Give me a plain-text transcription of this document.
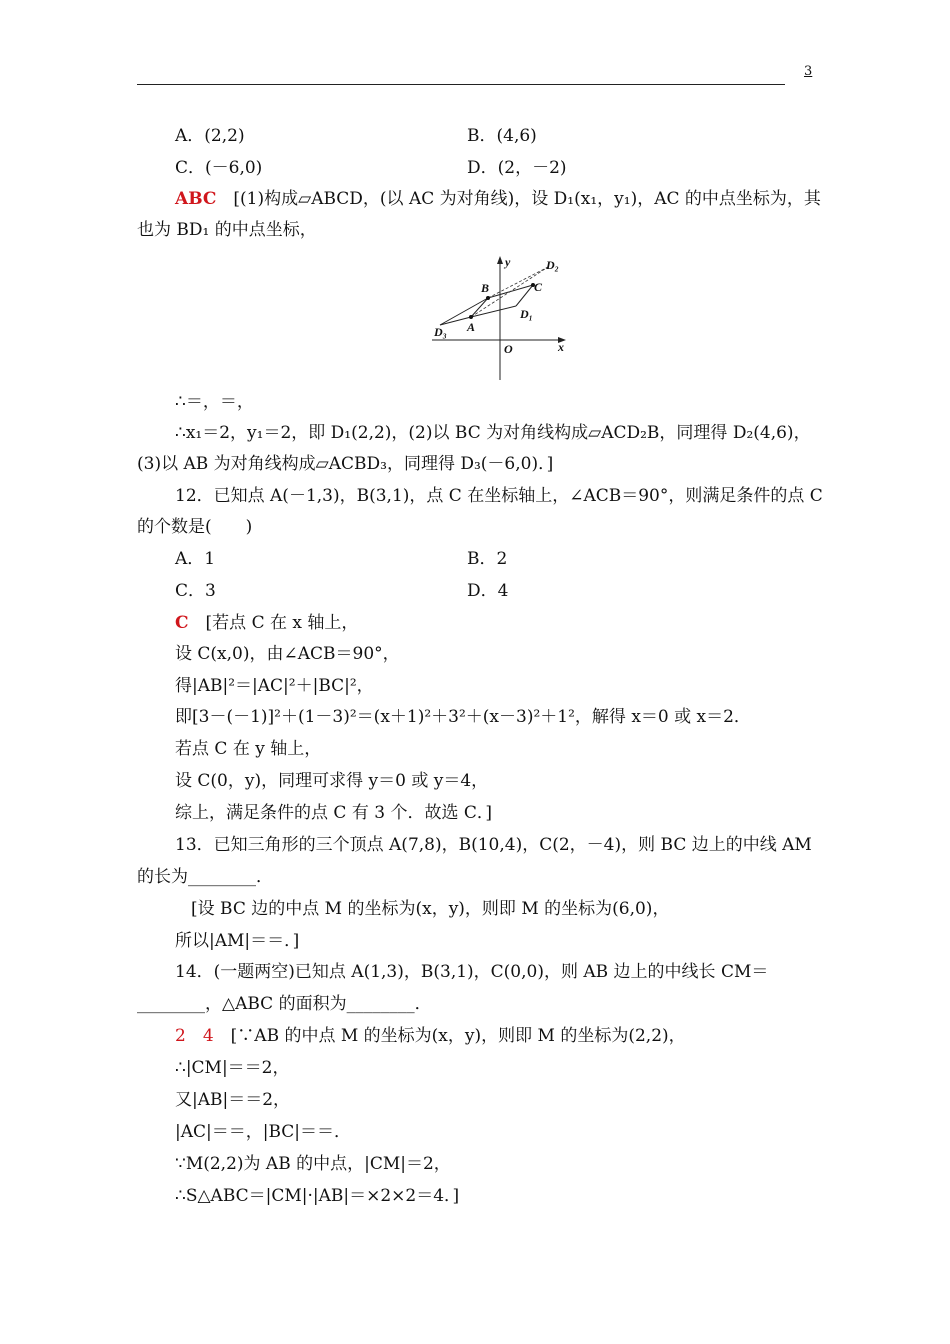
3
A．(2,2)	B．(4,6)
C．(－6,0)	D．(2，－2)
ABC　 [(1)构成▱ABCD，(以 AC 为对角线)，设 D₁(x₁，y₁)，AC 的中点坐标为，其
也为 BD₁ 的中点坐标，
y
x
O
B	C
A
D₁
D₂
D₃
∴＝，＝，
∴x₁＝2，y₁＝2，即 D₁(2,2)，(2)以 BC 为对角线构成▱ACD₂B，同理得 D₂(4,6)，
(3)以 AB 为对角线构成▱ACBD₃，同理得 D₃(－6,0)．]
12．已知点 A(－1,3)，B(3,1)，点 C 在坐标轴上，∠ACB＝90°，则满足条件的点 C
的个数是(　　)
A．1	B．2
C．3	D．4
C　 [若点 C 在 x 轴上，
设 C(x,0)，由∠ACB＝90°，
得|AB|²＝|AC|²＋|BC|²，
即[3－(－1)]²＋(1－3)²＝(x＋1)²＋3²＋(x－3)²＋1²，解得 x＝0 或 x＝2．
若点 C 在 y 轴上，
设 C(0，y)，同理可求得 y＝0 或 y＝4，
综上，满足条件的点 C 有 3 个．故选 C．]
13．已知三角形的三个顶点 A(7,8)，B(10,4)，C(2，－4)，则 BC 边上的中线 AM
的长为________．
[设 BC 边的中点 M 的坐标为(x，y)，则即 M 的坐标为(6,0)，
所以|AM|＝＝．]
14．(一题两空)已知点 A(1,3)，B(3,1)，C(0,0)，则 AB 边上的中线长 CM＝
________，△ABC 的面积为________．
2　 4　 [∵AB 的中点 M 的坐标为(x，y)，则即 M 的坐标为(2,2)，
∴|CM|＝＝2，
又|AB|＝＝2，
|AC|＝＝，|BC|＝＝．
∵M(2,2)为 AB 的中点，|CM|＝2，
∴S△ABC＝|CM|·|AB|＝×2×2＝4．]
